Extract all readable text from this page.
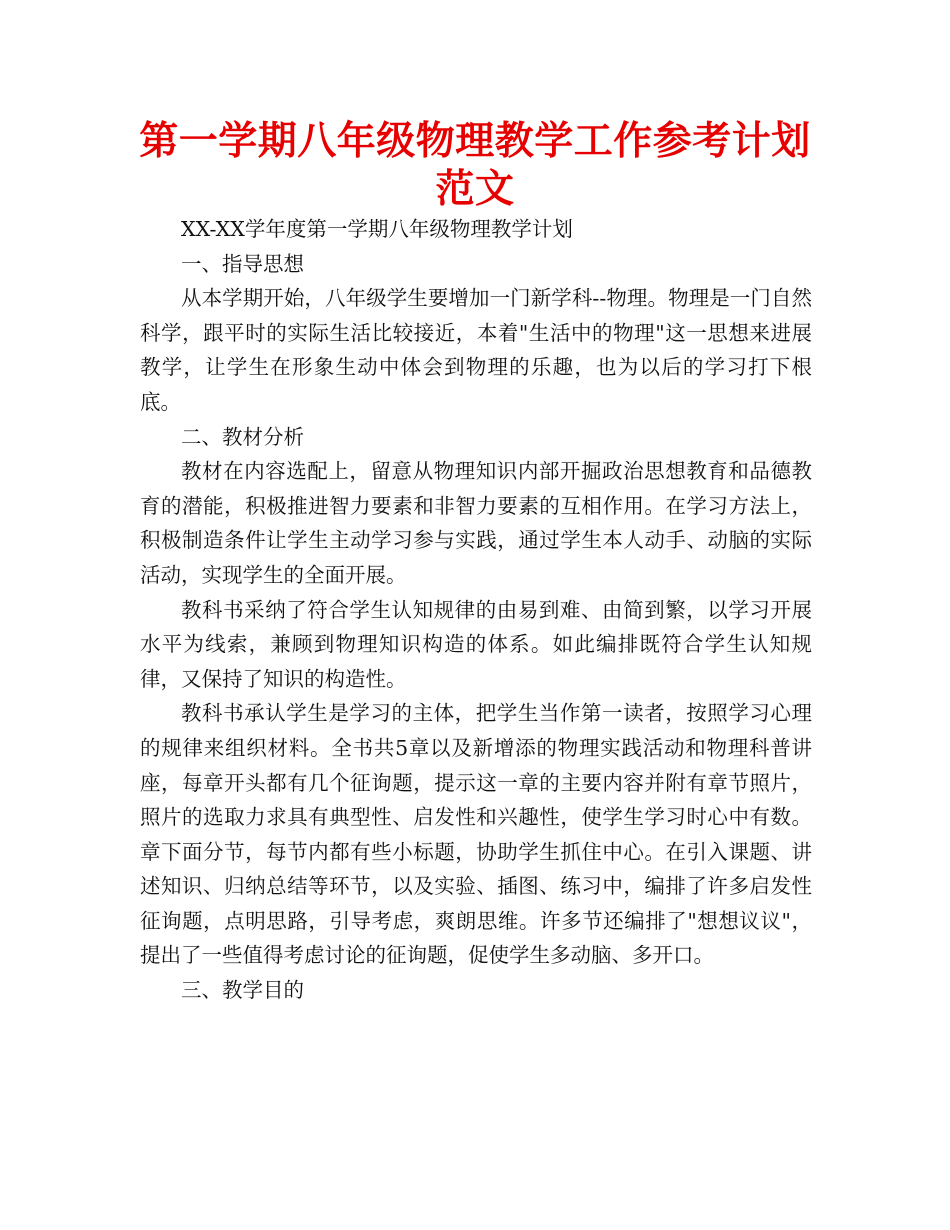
第一学期八年级物理教学工作参考计划范文

XX-XX学年度第一学期八年级物理教学计划

一、指导思想

从本学期开始，八年级学生要增加一门新学科--物理。物理是一门自然科学，跟平时的实际生活比较接近，本着"生活中的物理"这一思想来进展教学，让学生在形象生动中体会到物理的乐趣，也为以后的学习打下根底。

二、教材分析

教材在内容选配上，留意从物理知识内部开掘政治思想教育和品德教育的潜能，积极推进智力要素和非智力要素的互相作用。在学习方法上，积极制造条件让学生主动学习参与实践，通过学生本人动手、动脑的实际活动，实现学生的全面开展。

教科书采纳了符合学生认知规律的由易到难、由简到繁，以学习开展水平为线索，兼顾到物理知识构造的体系。如此编排既符合学生认知规律，又保持了知识的构造性。

教科书承认学生是学习的主体，把学生当作第一读者，按照学习心理的规律来组织材料。全书共5章以及新增添的物理实践活动和物理科普讲座，每章开头都有几个征询题，提示这一章的主要内容并附有章节照片，照片的选取力求具有典型性、启发性和兴趣性，使学生学习时心中有数。章下面分节，每节内都有些小标题，协助学生抓住中心。在引入课题、讲述知识、归纳总结等环节，以及实验、插图、练习中，编排了许多启发性征询题，点明思路，引导考虑，爽朗思维。许多节还编排了"想想议议"，提出了一些值得考虑讨论的征询题，促使学生多动脑、多开口。

三、教学目的
